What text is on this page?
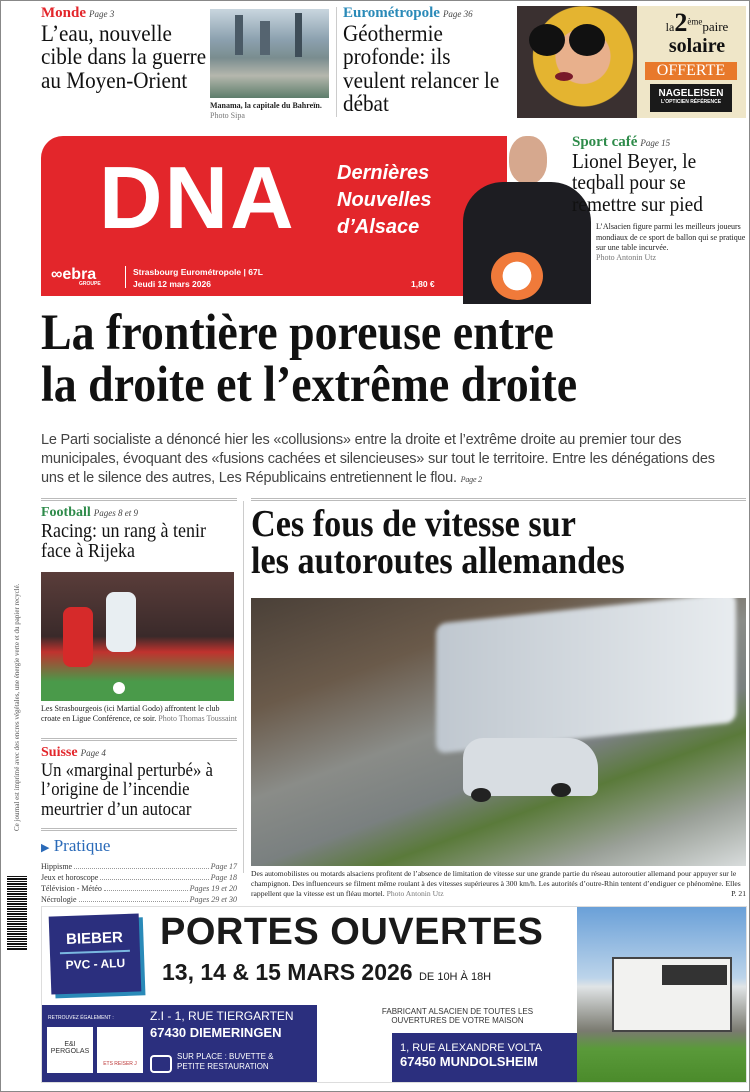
Monde Page 3
L’eau, nouvelle cible dans la guerre au Moyen-Orient
Manama, la capitale du Bahreïn.
Photo Sipa
Eurométropole Page 36
Géothermie profonde: ils veulent relancer le débat
la2èmepaire
solaire
OFFERTE
NAGELEISEN
L'OPTICIEN RÉFÉRENCE
DNA Dernières
Nouvelles
d’Alsace
∞ebra
GROUPE
Strasbourg Eurométropole | 67L
Jeudi 12 mars 2026	1,80 €
Sport café Page 15
Lionel Beyer, le teqball pour se remettre sur pied
L’Alsacien figure parmi les meilleurs joueurs mondiaux de ce sport de ballon qui se pratique sur une table incurvée.
Photo Antonin Utz
La frontière poreuse entre
la droite et l’extrême droite
Le Parti socialiste a dénoncé hier les «collusions» entre la droite et l’extrême droite au premier tour des municipales, évoquant des «fusions cachées et silencieuses» sur tout le territoire. Entre les dénégations des uns et le silence des autres, Les Républicains entretiennent le flou. Page 2
Football Pages 8 et 9
Racing: un rang à tenir face à Rijeka
Les Strasbourgeois (ici Martial Godo) affrontent le club croate en Ligue Conférence, ce soir. Photo Thomas Toussaint
Suisse Page 4
Un «marginal perturbé» à l’origine de l’incendie meurtrier d’un autocar
▶ Pratique
Hippisme	Page 17
Jeux et horoscope	Page 18
Télévision - Météo	Pages 19 et 20
Nécrologie	Pages 29 et 30
Ces fous de vitesse sur
les autoroutes allemandes
Des automobilistes ou motards alsaciens profitent de l’absence de limitation de vitesse sur une grande partie du réseau autoroutier allemand pour appuyer sur le champignon. Des influenceurs se filment même roulant à des vitesses supérieures à 300 km/h. Les autorités d’outre-Rhin tentent d’endiguer ce phénomène. Elles rappellent que la vitesse est un fléau mortel. Photo Antonin Utz	P. 21
Ce journal est imprimé avec des encres végétales, une énergie verte et du papier recyclé.
BIEBER
PVC - ALU
PORTES OUVERTES
13, 14 & 15 MARS 2026 DE 10H À 18H
RETROUVEZ ÉGALEMENT :	Z.I - 1, RUE TIERGARTEN
67430 DIEMERINGEN
E&I PERGOLAS
ETS REISER J
SUR PLACE : BUVETTE & PETITE RESTAURATION
FABRICANT ALSACIEN DE TOUTES LES OUVERTURES DE VOTRE MAISON
1, RUE ALEXANDRE VOLTA
67450 MUNDOLSHEIM
